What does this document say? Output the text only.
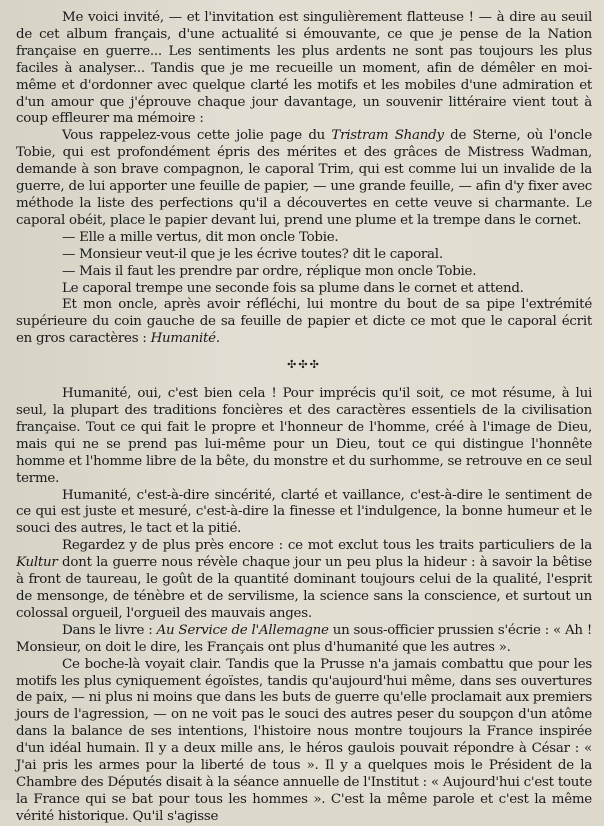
Me voici invité, — et l'invitation est singulièrement flatteuse ! — à dire au seuil de cet album français, d'une actualité si émouvante, ce que je pense de la Nation française en guerre... Les sentiments les plus ardents ne sont pas toujours les plus faciles à analyser... Tandis que je me recueille un moment, afin de démêler en moi-même et d'ordonner avec quelque clarté les motifs et les mobiles d'une admiration et d'un amour que j'éprouve chaque jour davantage, un souvenir littéraire vient tout à coup effleurer ma mémoire :

Vous rappelez-vous cette jolie page du Tristram Shandy de Sterne, où l'oncle Tobie, qui est profondément épris des mérites et des grâces de Mistress Wadman, demande à son brave compagnon, le caporal Trim, qui est comme lui un invalide de la guerre, de lui apporter une feuille de papier, — une grande feuille, — afin d'y fixer avec méthode la liste des perfections qu'il a découvertes en cette veuve si charmante. Le caporal obéit, place le papier devant lui, prend une plume et la trempe dans le cornet.

— Elle a mille vertus, dit mon oncle Tobie.

— Monsieur veut-il que je les écrive toutes? dit le caporal.

— Mais il faut les prendre par ordre, réplique mon oncle Tobie.

Le caporal trempe une seconde fois sa plume dans le cornet et attend.

Et mon oncle, après avoir réfléchi, lui montre du bout de sa pipe l'extrémité supérieure du coin gauche de sa feuille de papier et dicte ce mot que le caporal écrit en gros caractères : Humanité.

✣✣✣

Humanité, oui, c'est bien cela ! Pour imprécis qu'il soit, ce mot résume, à lui seul, la plupart des traditions foncières et des caractères essentiels de la civilisation française. Tout ce qui fait le propre et l'honneur de l'homme, créé à l'image de Dieu, mais qui ne se prend pas lui-même pour un Dieu, tout ce qui distingue l'honnête homme et l'homme libre de la bête, du monstre et du surhomme, se retrouve en ce seul terme.

Humanité, c'est-à-dire sincérité, clarté et vaillance, c'est-à-dire le sentiment de ce qui est juste et mesuré, c'est-à-dire la finesse et l'indulgence, la bonne humeur et le souci des autres, le tact et la pitié.

Regardez y de plus près encore : ce mot exclut tous les traits particuliers de la Kultur dont la guerre nous révèle chaque jour un peu plus la hideur : à savoir la bêtise à front de taureau, le goût de la quantité dominant toujours celui de la qualité, l'esprit de mensonge, de ténèbre et de servilisme, la science sans la conscience, et surtout un colossal orgueil, l'orgueil des mauvais anges.

Dans le livre : Au Service de l'Allemagne un sous-officier prussien s'écrie : « Ah ! Monsieur, on doit le dire, les Français ont plus d'humanité que les autres ».

Ce boche-là voyait clair. Tandis que la Prusse n'a jamais combattu que pour les motifs les plus cyniquement égoïstes, tandis qu'aujourd'hui même, dans ses ouvertures de paix, — ni plus ni moins que dans les buts de guerre qu'elle proclamait aux premiers jours de l'agression, — on ne voit pas le souci des autres peser du soupçon d'un atôme dans la balance de ses intentions, l'histoire nous montre toujours la France inspirée d'un idéal humain. Il y a deux mille ans, le héros gaulois pouvait répondre à César : « J'ai pris les armes pour la liberté de tous ». Il y a quelques mois le Président de la Chambre des Députés disait à la séance annuelle de l'Institut : « Aujourd'hui c'est toute la France qui se bat pour tous les hommes ». C'est la même parole et c'est la même vérité historique. Qu'il s'agisse
